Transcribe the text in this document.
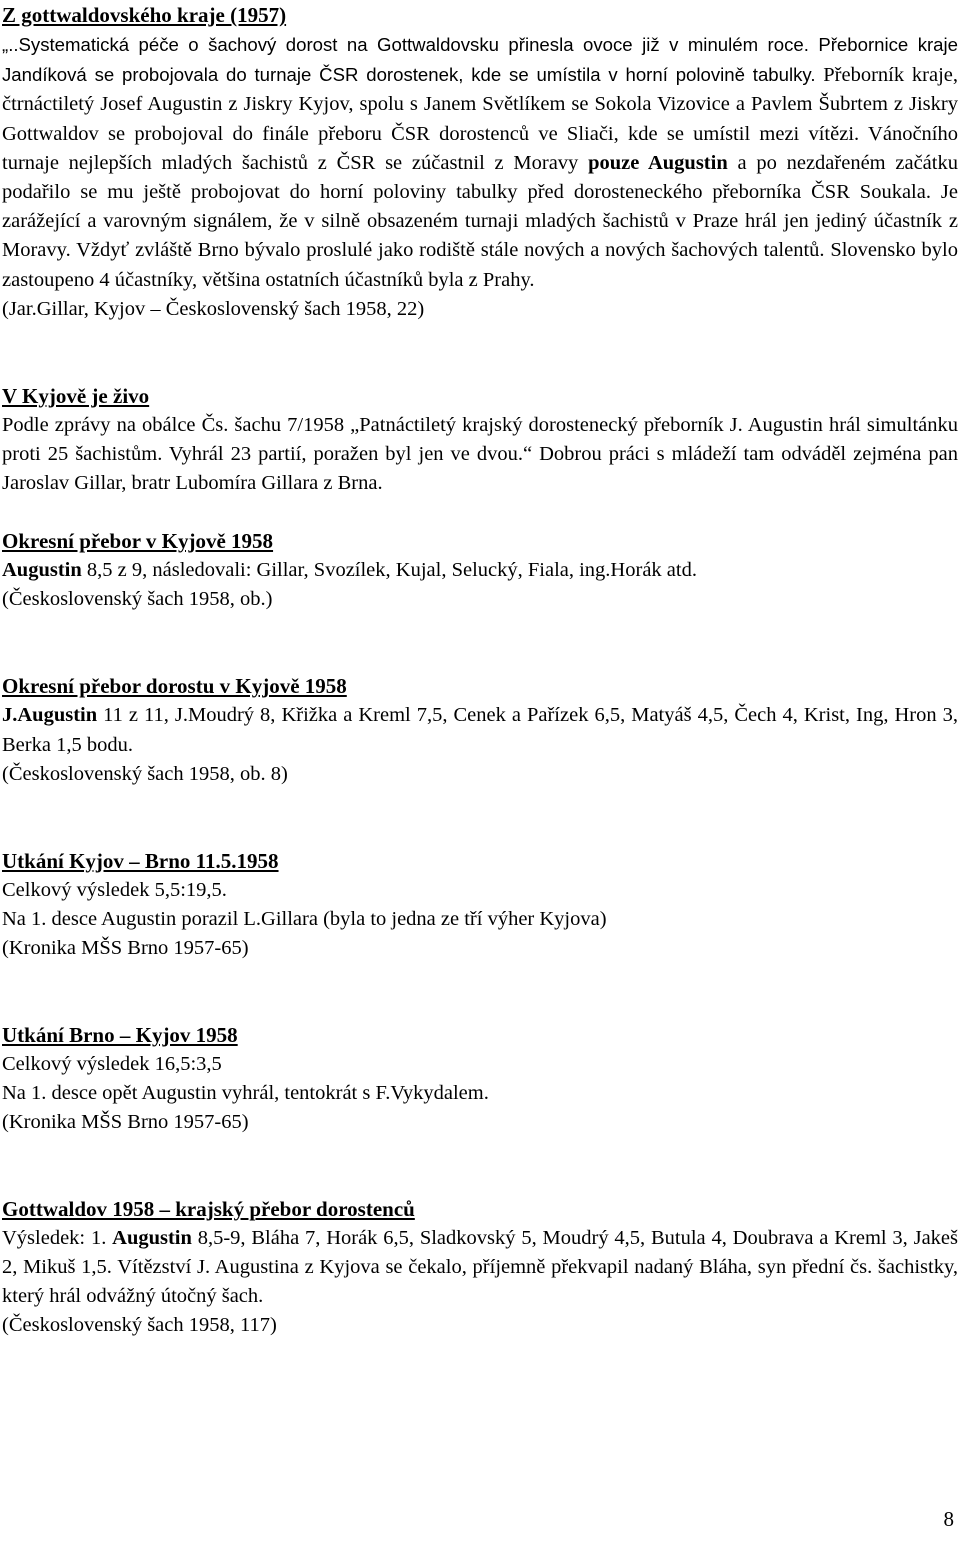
Z gottwaldovského kraje (1957)

„..Systematická péče o šachový dorost na Gottwaldovsku přinesla ovoce již v minulém roce. Přebornice kraje Jandíková se probojovala do turnaje ČSR dorostenek, kde se umístila v horní polovině tabulky. Přeborník kraje, čtrnáctiletý Josef Augustin z Jiskry Kyjov, spolu s Janem Světlíkem se Sokola Vizovice a Pavlem Šubrtem z Jiskry Gottwaldov se probojoval do finále přeboru ČSR dorostenců ve Sliači, kde se umístil mezi vítězi. Vánočního turnaje nejlepších mladých šachistů z ČSR se zúčastnil z Moravy pouze Augustin a po nezdařeném začátku podařilo se mu ještě probojovat do horní poloviny tabulky před dorosteneckého přeborníka ČSR Soukala. Je zarážející a varovným signálem, že v silně obsazeném turnaji mladých šachistů v Praze hrál jen jediný účastník z Moravy. Vždyť zvláště Brno bývalo proslulé jako rodiště stále nových a nových šachových talentů. Slovensko bylo zastoupeno 4 účastníky, většina ostatních účastníků byla z Prahy.

(Jar.Gillar, Kyjov – Československý šach 1958, 22)

V Kyjově je živo

Podle zprávy na obálce Čs. šachu 7/1958 „Patnáctiletý krajský dorostenecký přeborník J. Augustin hrál simultánku proti 25 šachistům. Vyhrál 23 partií, poražen byl jen ve dvou.“ Dobrou práci s mládeží tam odváděl zejména pan Jaroslav Gillar, bratr Lubomíra Gillara z Brna.

Okresní přebor v Kyjově 1958

Augustin 8,5 z 9, následovali: Gillar, Svozílek, Kujal, Selucký, Fiala, ing.Horák atd.

(Československý šach 1958, ob.)

Okresní přebor dorostu v Kyjově 1958

J.Augustin 11 z 11, J.Moudrý 8, Křižka a Kreml 7,5, Cenek a Pařízek 6,5, Matyáš 4,5, Čech 4, Krist, Ing, Hron 3, Berka 1,5 bodu.

(Československý šach 1958, ob. 8)

Utkání Kyjov – Brno 11.5.1958

Celkový výsledek 5,5:19,5.

Na 1. desce Augustin porazil L.Gillara (byla to jedna ze tří výher Kyjova)

(Kronika MŠS Brno 1957-65)

Utkání Brno – Kyjov 1958

Celkový výsledek 16,5:3,5

Na 1. desce opět Augustin vyhrál, tentokrát s F.Vykydalem.

(Kronika MŠS Brno 1957-65)

Gottwaldov 1958 – krajský přebor dorostenců

Výsledek: 1. Augustin 8,5-9, Bláha 7, Horák 6,5, Sladkovský 5, Moudrý 4,5, Butula 4, Doubrava a Kreml 3, Jakeš 2, Mikuš 1,5. Vítězství J. Augustina z Kyjova se čekalo, příjemně překvapil nadaný Bláha, syn přední čs. šachistky, který hrál odvážný útočný šach.

(Československý šach 1958, 117)

8
